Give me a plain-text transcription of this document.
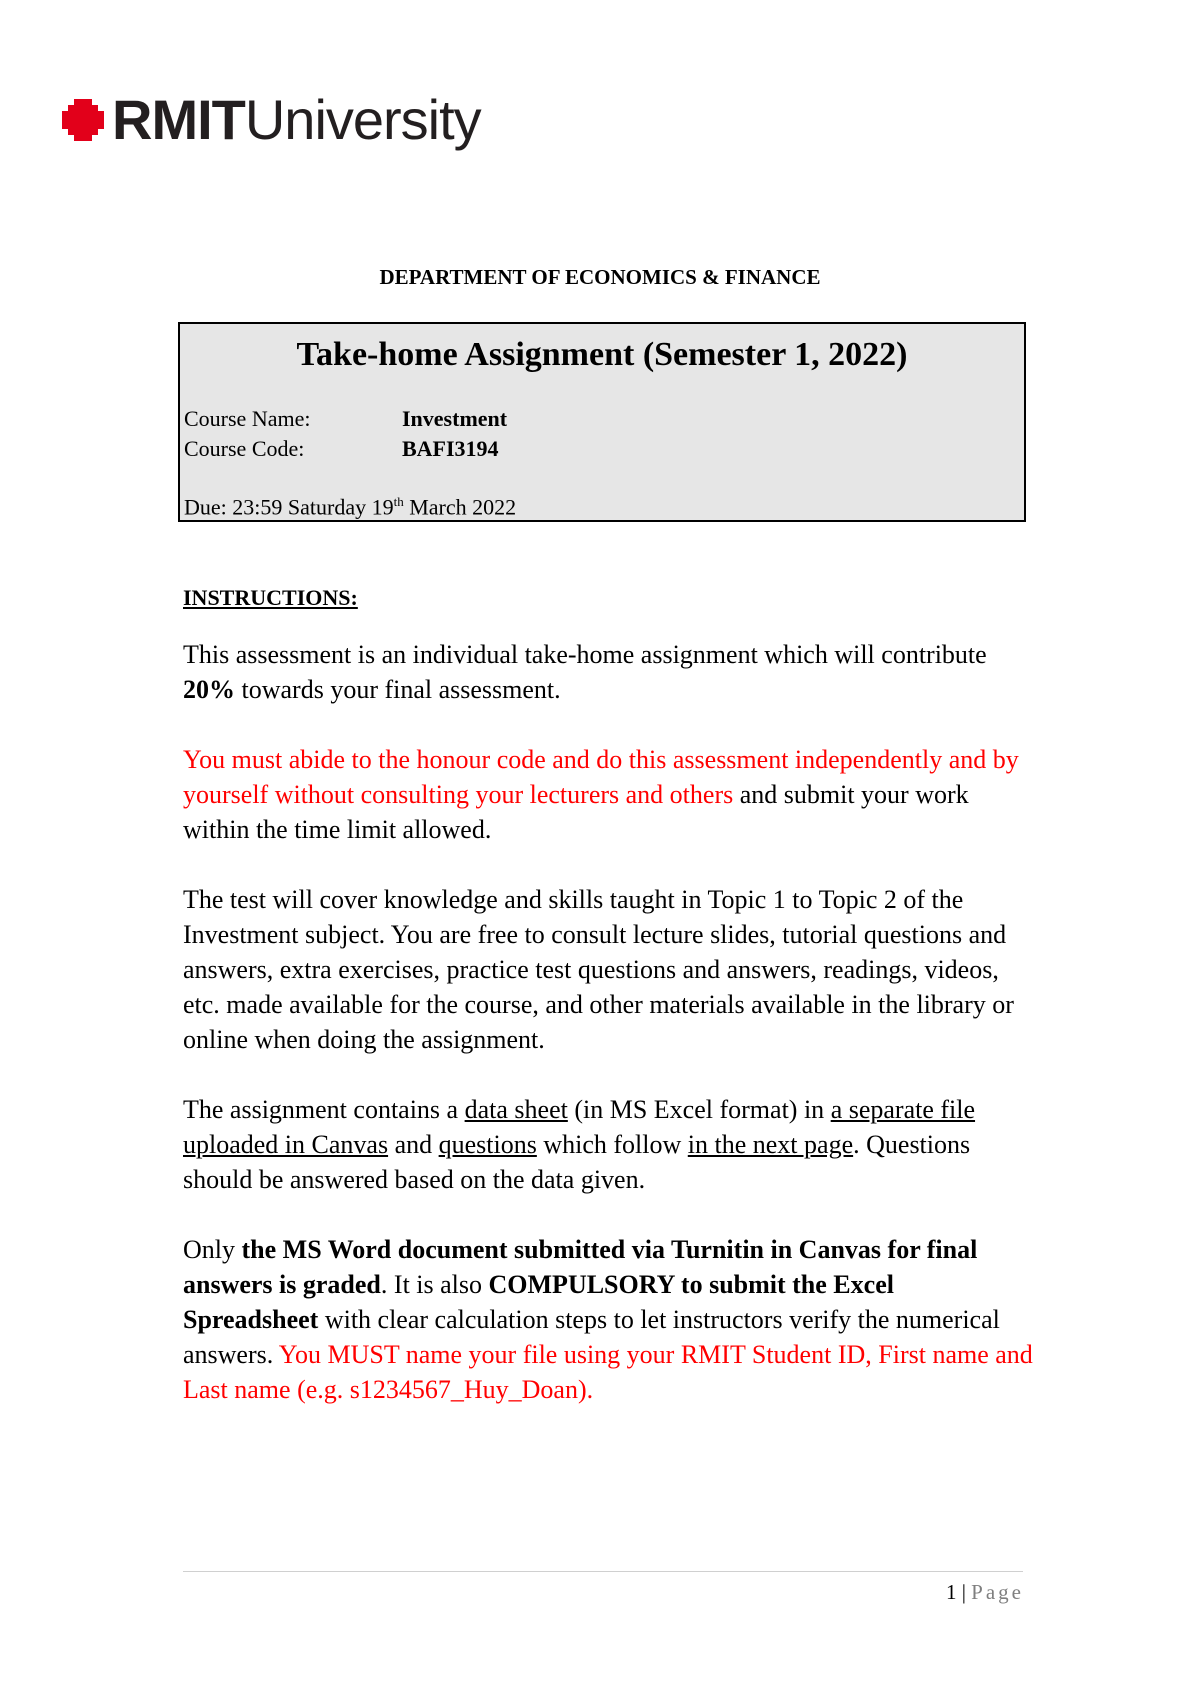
RMITUniversity
DEPARTMENT OF ECONOMICS & FINANCE
Take-home Assignment (Semester 1, 2022)
Course Name:	Investment
Course Code:	BAFI3194
Due: 23:59 Saturday 19th March 2022
INSTRUCTIONS:

This assessment is an individual take-home assignment which will contribute 20% towards your final assessment.

You must abide to the honour code and do this assessment independently and by yourself without consulting your lecturers and others and submit your work within the time limit allowed.

The test will cover knowledge and skills taught in Topic 1 to Topic 2 of the Investment subject. You are free to consult lecture slides, tutorial questions and answers, extra exercises, practice test questions and answers, readings, videos, etc. made available for the course, and other materials available in the library or online when doing the assignment.

The assignment contains a data sheet (in MS Excel format) in a separate file uploaded in Canvas and questions which follow in the next page. Questions should be answered based on the data given.

Only the MS Word document submitted via Turnitin in Canvas for final answers is graded. It is also COMPULSORY to submit the Excel Spreadsheet with clear calculation steps to let instructors verify the numerical answers. You MUST name your file using your RMIT Student ID, First name and Last name (e.g. s1234567_Huy_Doan).

1 | Page
